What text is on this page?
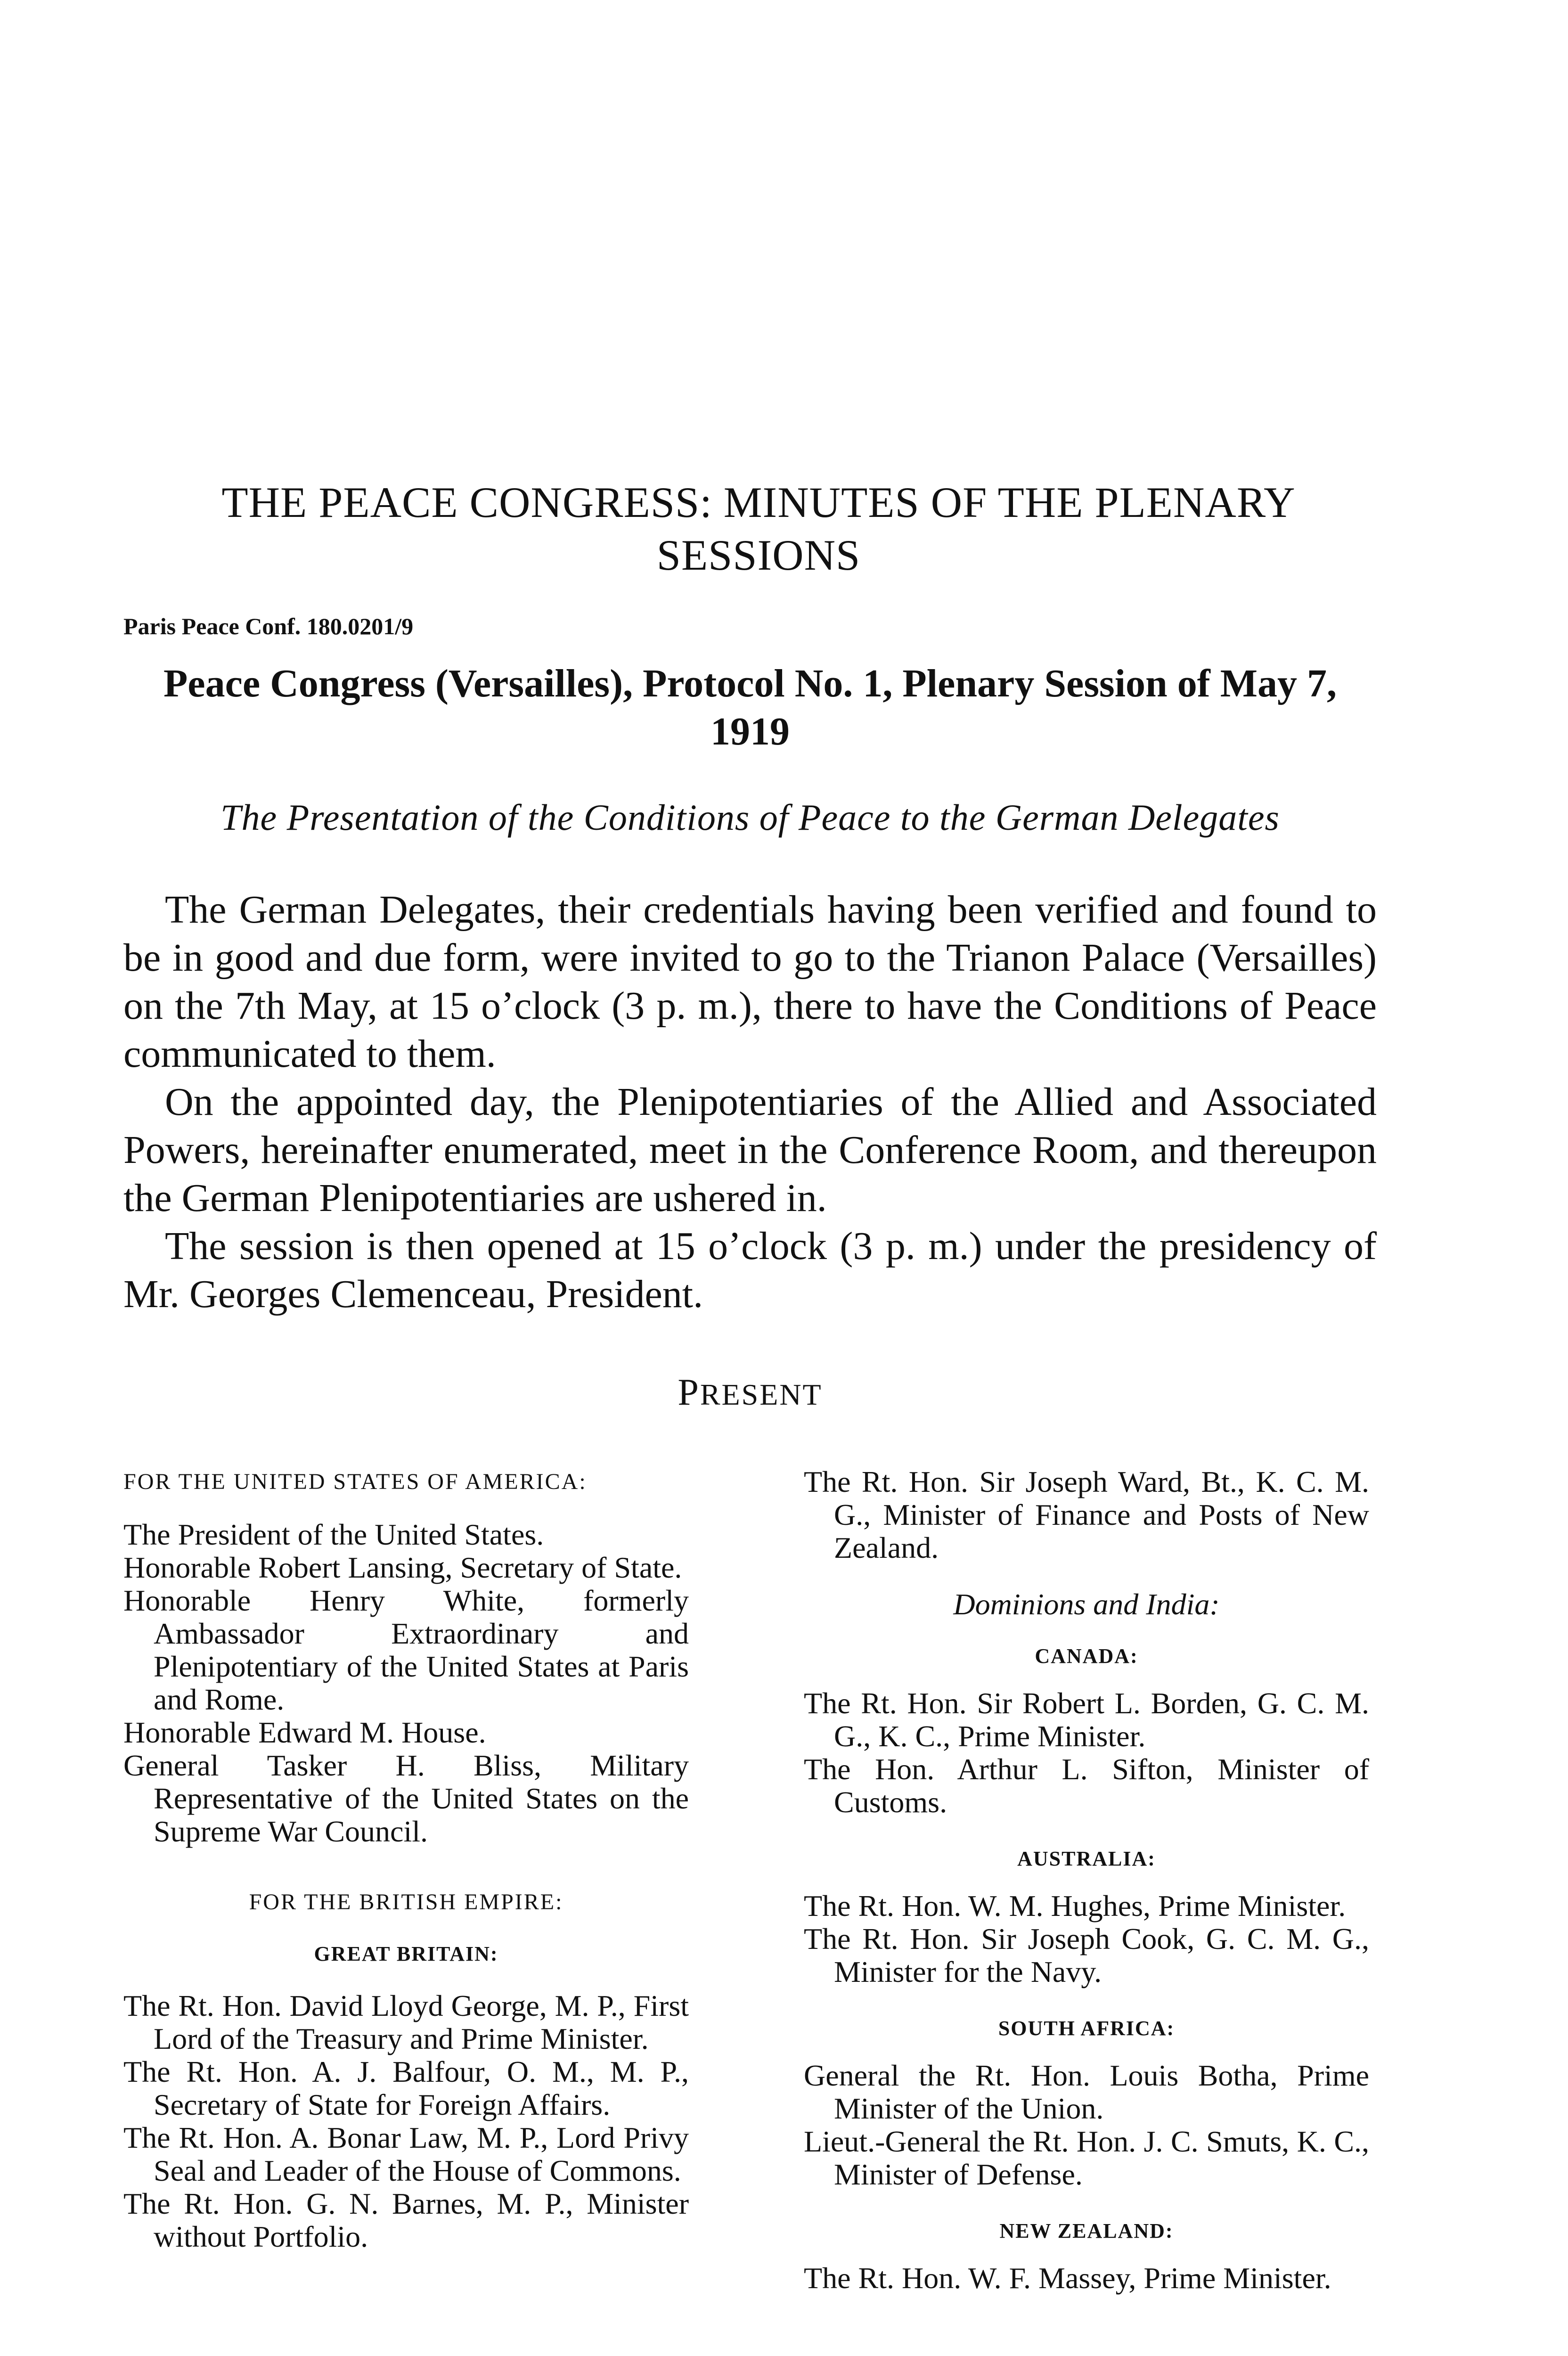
THE PEACE CONGRESS: MINUTES OF THE PLENARY SESSIONS
Paris Peace Conf. 180.0201/9
Peace Congress (Versailles), Protocol No. 1, Plenary Session of May 7, 1919
The Presentation of the Conditions of Peace to the German Delegates

The German Delegates, their credentials having been verified and found to be in good and due form, were invited to go to the Trianon Palace (Versailles) on the 7th May, at 15 o’clock (3 p. m.), there to have the Conditions of Peace communicated to them.

On the appointed day, the Plenipotentiaries of the Allied and Associated Powers, hereinafter enumerated, meet in the Conference Room, and thereupon the German Plenipotentiaries are ushered in.

The session is then opened at 15 o’clock (3 p. m.) under the presidency of Mr. Georges Clemenceau, President.

PRESENT
FOR THE UNITED STATES OF AMERICA:
The President of the United States.
Honorable Robert Lansing, Secretary of State.
Honorable Henry White, formerly Ambassador Extraordinary and Plenipotentiary of the United States at Paris and Rome.
Honorable Edward M. House.
General Tasker H. Bliss, Military Representative of the United States on the Supreme War Council.
FOR THE BRITISH EMPIRE:
GREAT BRITAIN:
The Rt. Hon. David Lloyd George, M. P., First Lord of the Treasury and Prime Minister.
The Rt. Hon. A. J. Balfour, O. M., M. P., Secretary of State for Foreign Affairs.
The Rt. Hon. A. Bonar Law, M. P., Lord Privy Seal and Leader of the House of Commons.
The Rt. Hon. G. N. Barnes, M. P., Minister without Portfolio.
The Rt. Hon. Sir Joseph Ward, Bt., K. C. M. G., Minister of Finance and Posts of New Zealand.
Dominions and India:
CANADA:
The Rt. Hon. Sir Robert L. Borden, G. C. M. G., K. C., Prime Minister.
The Hon. Arthur L. Sifton, Minister of Customs.
AUSTRALIA:
The Rt. Hon. W. M. Hughes, Prime Minister.
The Rt. Hon. Sir Joseph Cook, G. C. M. G., Minister for the Navy.
SOUTH AFRICA:
General the Rt. Hon. Louis Botha, Prime Minister of the Union.
Lieut.-General the Rt. Hon. J. C. Smuts, K. C., Minister of Defense.
NEW ZEALAND:
The Rt. Hon. W. F. Massey, Prime Minister.
